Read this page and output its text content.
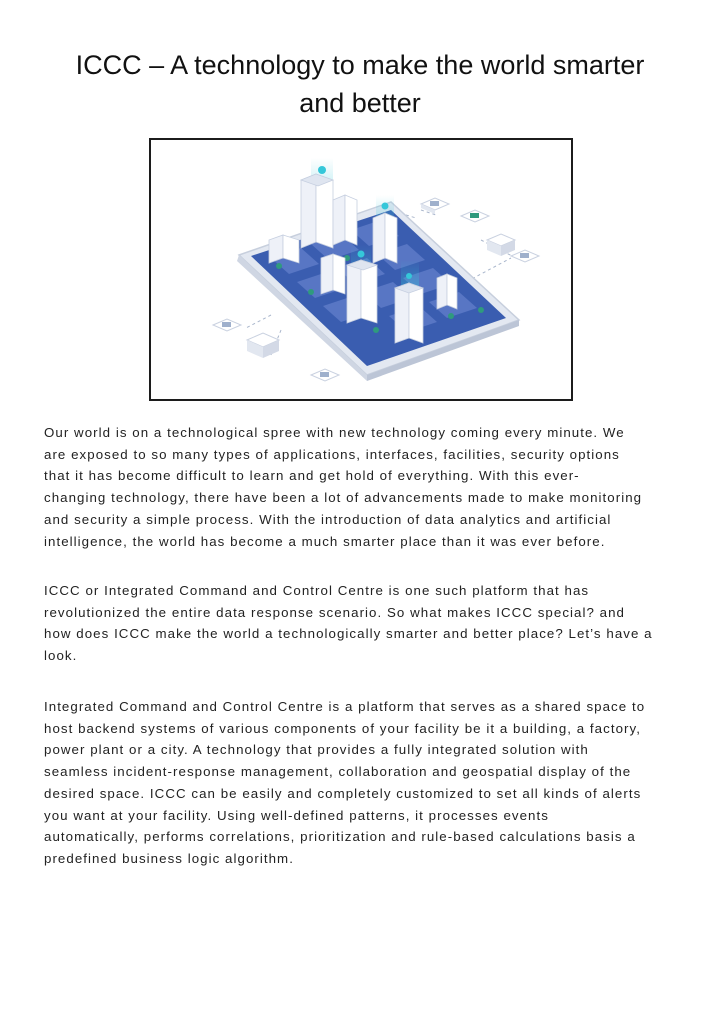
ICCC – A technology to make the world smarter
and better

Our world is on a technological spree with new technology coming every minute. We
are exposed to so many types of applications, interfaces, facilities, security options
that it has become difficult to learn and get hold of everything. With this ever-
changing technology, there have been a lot of advancements made to make monitoring
and security a simple process. With the introduction of data analytics and artificial
intelligence, the world has become a much smarter place than it was ever before.

ICCC or Integrated Command and Control Centre is one such platform that has
revolutionized the entire data response scenario. So what makes ICCC special? and
how does ICCC make the world a technologically smarter and better place? Let’s have a
look.

Integrated Command and Control Centre is a platform that serves as a shared space to
host backend systems of various components of your facility be it a building, a factory,
power plant or a city. A technology that provides a fully integrated solution with
seamless incident-response management, collaboration and geospatial display of the
desired space. ICCC can be easily and completely customized to set all kinds of alerts
you want at your facility. Using well-defined patterns, it processes events
automatically, performs correlations, prioritization and rule-based calculations basis a
predefined business logic algorithm.
